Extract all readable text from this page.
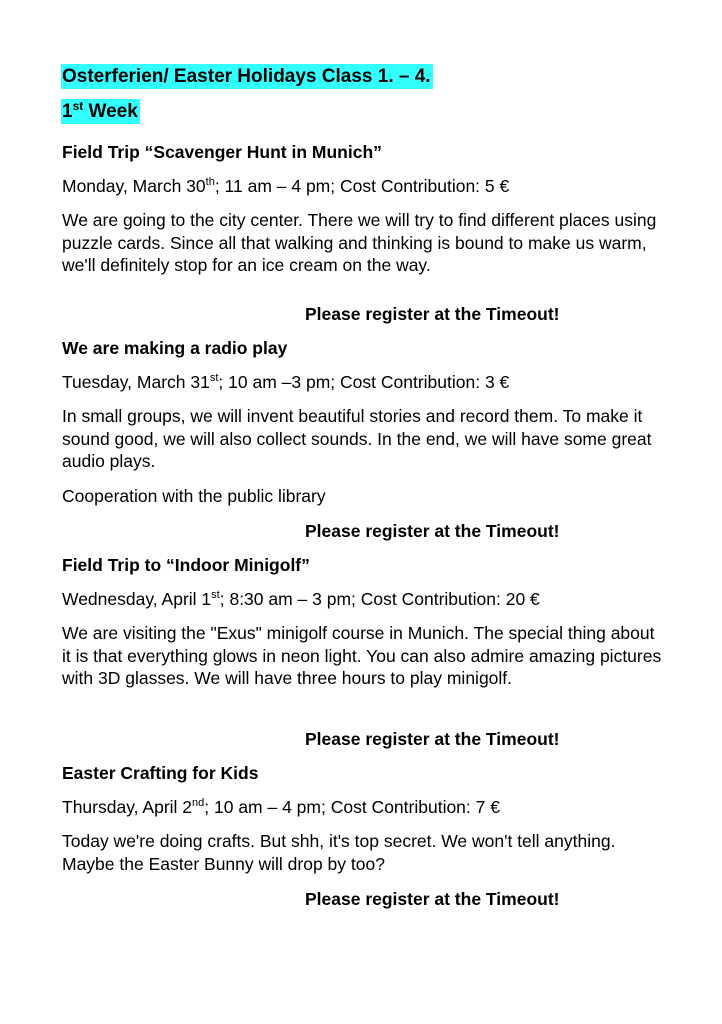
Osterferien/ Easter Holidays Class 1. – 4.
1st Week

Field Trip “Scavenger Hunt in Munich”

Monday, March 30th; 11 am – 4 pm; Cost Contribution: 5 €

We are going to the city center. There we will try to find different places using puzzle cards. Since all that walking and thinking is bound to make us warm, we'll definitely stop for an ice cream on the way.

Please register at the Timeout!

We are making a radio play

Tuesday, March 31st; 10 am –3 pm; Cost Contribution: 3 €

In small groups, we will invent beautiful stories and record them. To make it sound good, we will also collect sounds. In the end, we will have some great audio plays.

Cooperation with the public library

Please register at the Timeout!

Field Trip to “Indoor Minigolf”

Wednesday, April 1st; 8:30 am – 3 pm; Cost Contribution: 20 €

We are visiting the "Exus" minigolf course in Munich. The special thing about it is that everything glows in neon light. You can also admire amazing pictures with 3D glasses. We will have three hours to play minigolf.

Please register at the Timeout!

Easter Crafting for Kids

Thursday, April 2nd; 10 am – 4 pm; Cost Contribution: 7 €

Today we're doing crafts. But shh, it's top secret. We won't tell anything. Maybe the Easter Bunny will drop by too?

Please register at the Timeout!
